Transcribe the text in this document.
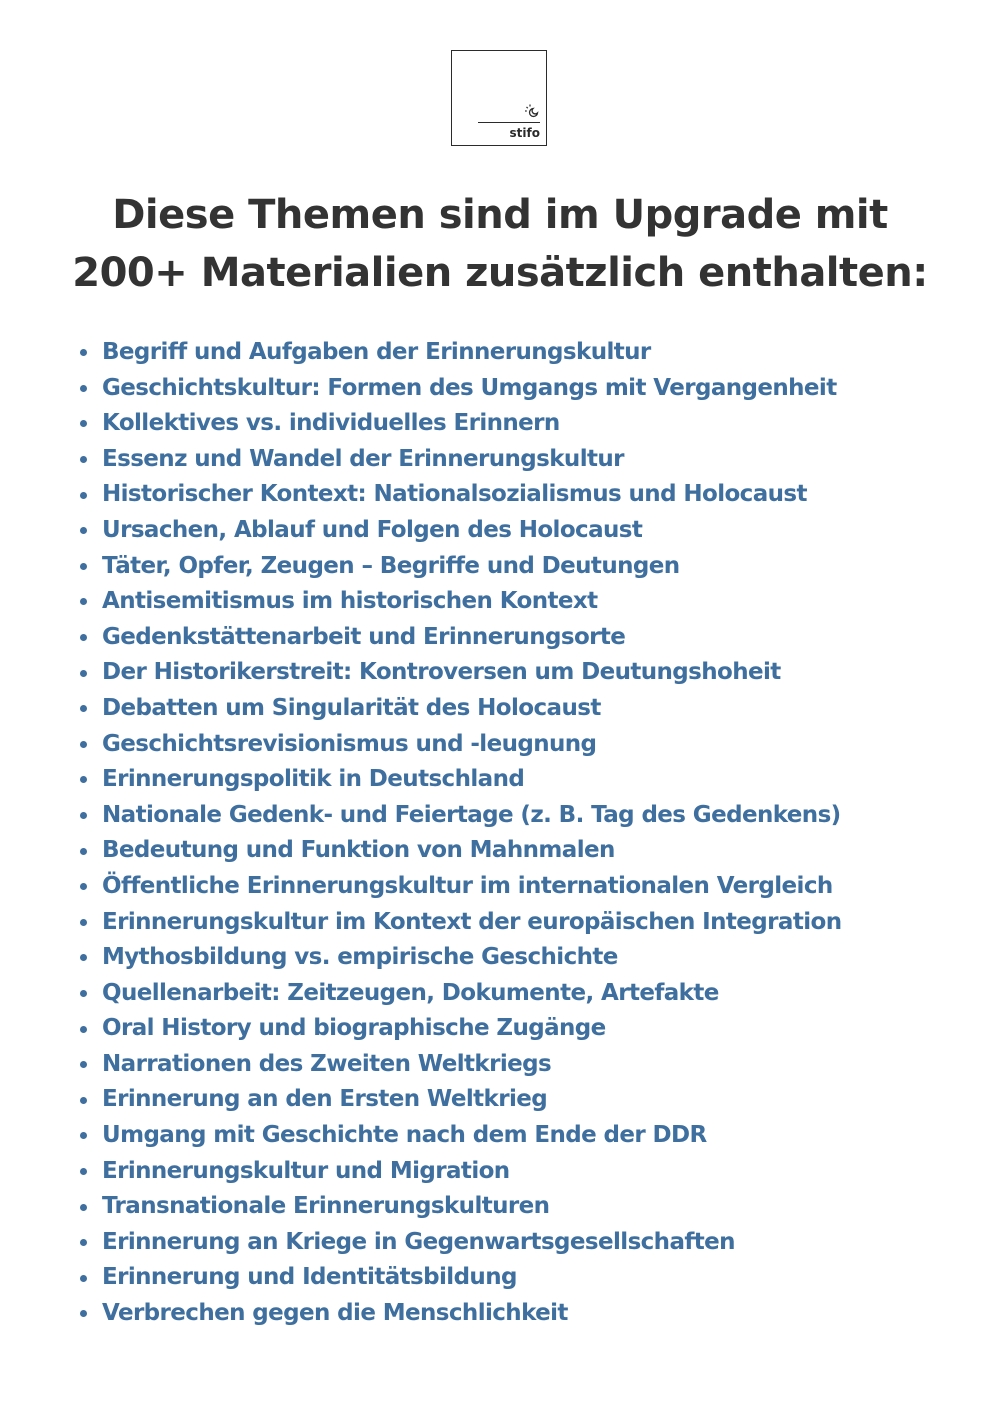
stifo
Diese Themen sind im Upgrade mit
200+ Materialien zusätzlich enthalten:
Begriff und Aufgaben der Erinnerungskultur
Geschichtskultur: Formen des Umgangs mit Vergangenheit
Kollektives vs. individuelles Erinnern
Essenz und Wandel der Erinnerungskultur
Historischer Kontext: Nationalsozialismus und Holocaust
Ursachen, Ablauf und Folgen des Holocaust
Täter, Opfer, Zeugen – Begriffe und Deutungen
Antisemitismus im historischen Kontext
Gedenkstättenarbeit und Erinnerungsorte
Der Historikerstreit: Kontroversen um Deutungshoheit
Debatten um Singularität des Holocaust
Geschichtsrevisionismus und -leugnung
Erinnerungspolitik in Deutschland
Nationale Gedenk- und Feiertage (z. B. Tag des Gedenkens)
Bedeutung und Funktion von Mahnmalen
Öffentliche Erinnerungskultur im internationalen Vergleich
Erinnerungskultur im Kontext der europäischen Integration
Mythosbildung vs. empirische Geschichte
Quellenarbeit: Zeitzeugen, Dokumente, Artefakte
Oral History und biographische Zugänge
Narrationen des Zweiten Weltkriegs
Erinnerung an den Ersten Weltkrieg
Umgang mit Geschichte nach dem Ende der DDR
Erinnerungskultur und Migration
Transnationale Erinnerungskulturen
Erinnerung an Kriege in Gegenwartsgesellschaften
Erinnerung und Identitätsbildung
Verbrechen gegen die Menschlichkeit
